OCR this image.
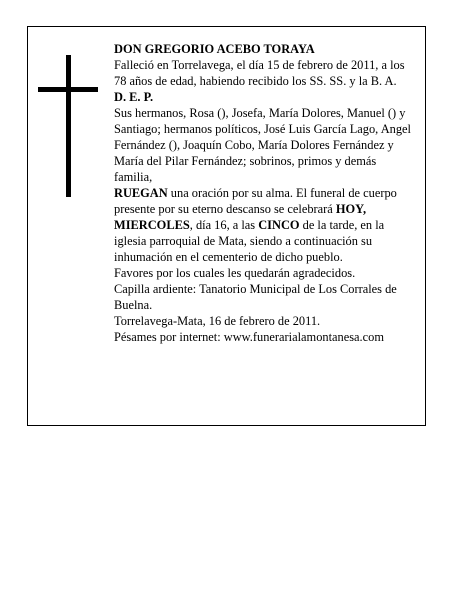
DON GREGORIO ACEBO TORAYA

Falleció en Torrelavega, el día 15 de febrero de 2011, a los 78 años de edad, habiendo recibido los SS. SS. y la B. A.

D. E. P.

Sus hermanos, Rosa (), Josefa, María Dolores, Manuel () y Santiago; hermanos políticos, José Luis García Lago, Angel Fernández (), Joaquín Cobo, María Dolores Fernández y María del Pilar Fernández; sobrinos, primos y demás familia,

RUEGAN una oración por su alma. El funeral de cuerpo presente por su eterno descanso se celebrará HOY, MIERCOLES, día 16, a las CINCO de la tarde, en la iglesia parroquial de Mata, siendo a continuación su inhumación en el cementerio de dicho pueblo.

Favores por los cuales les quedarán agradecidos.

Capilla ardiente: Tanatorio Municipal de Los Corrales de Buelna.

Torrelavega-Mata, 16 de febrero de 2011.

Pésames por internet: www.funerarialamontanesa.com
